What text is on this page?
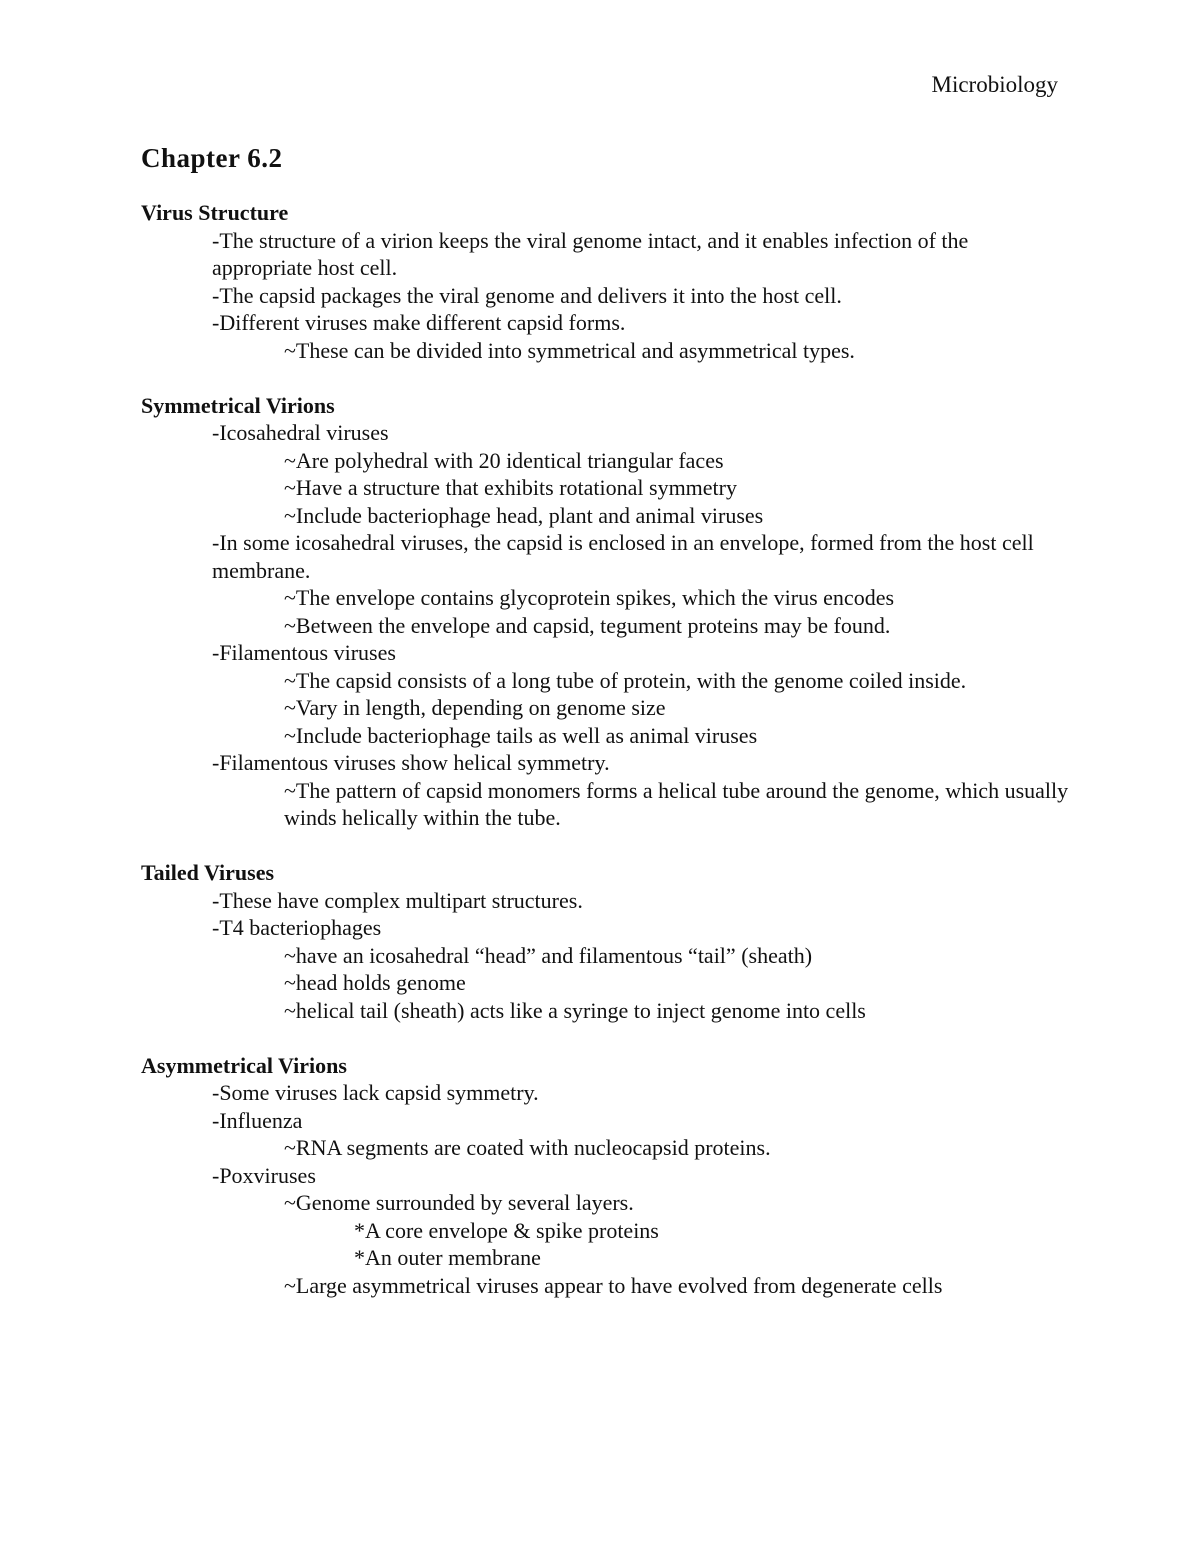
Microbiology
Chapter 6.2
Virus Structure
-The structure of a virion keeps the viral genome intact, and it enables infection of the appropriate host cell.
-The capsid packages the viral genome and delivers it into the host cell.
-Different viruses make different capsid forms.
~These can be divided into symmetrical and asymmetrical types.
Symmetrical Virions
-Icosahedral viruses
~Are polyhedral with 20 identical triangular faces
~Have a structure that exhibits rotational symmetry
~Include bacteriophage head, plant and animal viruses
-In some icosahedral viruses, the capsid is enclosed in an envelope, formed from the host cell membrane.
~The envelope contains glycoprotein spikes, which the virus encodes
~Between the envelope and capsid, tegument proteins may be found.
-Filamentous viruses
~The capsid consists of a long tube of protein, with the genome coiled inside.
~Vary in length, depending on genome size
~Include bacteriophage tails as well as animal viruses
-Filamentous viruses show helical symmetry.
~The pattern of capsid monomers forms a helical tube around the genome, which usually winds helically within the tube.
Tailed Viruses
-These have complex multipart structures.
-T4 bacteriophages
~have an icosahedral “head” and filamentous “tail” (sheath)
~head holds genome
~helical tail (sheath) acts like a syringe to inject genome into cells
Asymmetrical Virions
-Some viruses lack capsid symmetry.
-Influenza
~RNA segments are coated with nucleocapsid proteins.
-Poxviruses
~Genome surrounded by several layers.
*A core envelope & spike proteins
*An outer membrane
~Large asymmetrical viruses appear to have evolved from degenerate cells
